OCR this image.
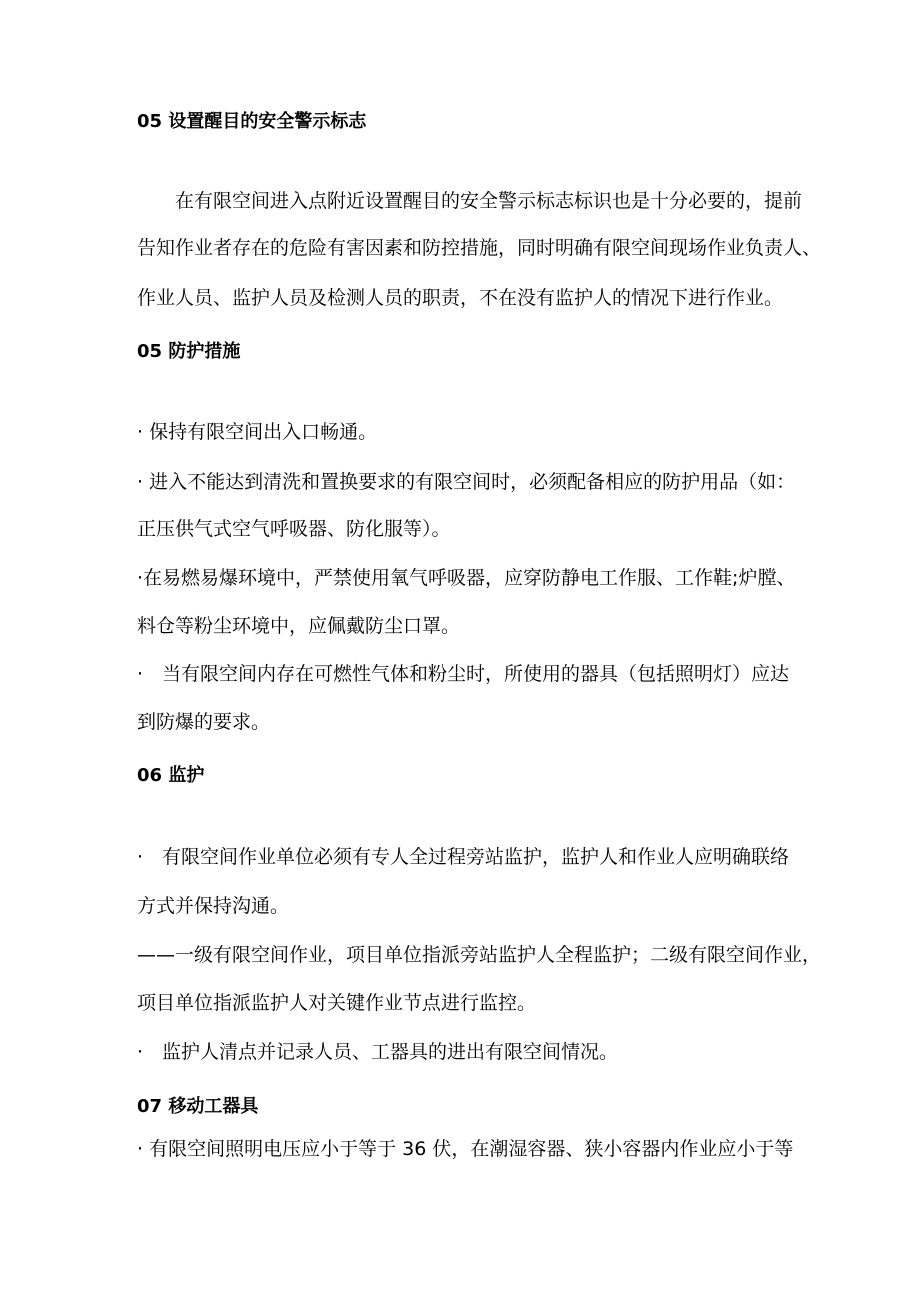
05 设置醒目的安全警示标志
在有限空间进入点附近设置醒目的安全警示标志标识也是十分必要的，提前
告知作业者存在的危险有害因素和防控措施，同时明确有限空间现场作业负责人、
作业人员、监护人员及检测人员的职责，不在没有监护人的情况下进行作业。
05 防护措施
· 保持有限空间出入口畅通。
· 进入不能达到清洗和置换要求的有限空间时，必须配备相应的防护用品（如：
正压供气式空气呼吸器、防化服等）。
·在易燃易爆环境中，严禁使用氧气呼吸器，应穿防静电工作服、工作鞋;炉膛、
料仓等粉尘环境中，应佩戴防尘口罩。
·　当有限空间内存在可燃性气体和粉尘时，所使用的器具（包括照明灯）应达
到防爆的要求。
06 监护
·　有限空间作业单位必须有专人全过程旁站监护，监护人和作业人应明确联络
方式并保持沟通。
——一级有限空间作业，项目单位指派旁站监护人全程监护；二级有限空间作业，
项目单位指派监护人对关键作业节点进行监控。
·　监护人清点并记录人员、工器具的进出有限空间情况。
07 移动工器具
· 有限空间照明电压应小于等于 36 伏，在潮湿容器、狭小容器内作业应小于等
